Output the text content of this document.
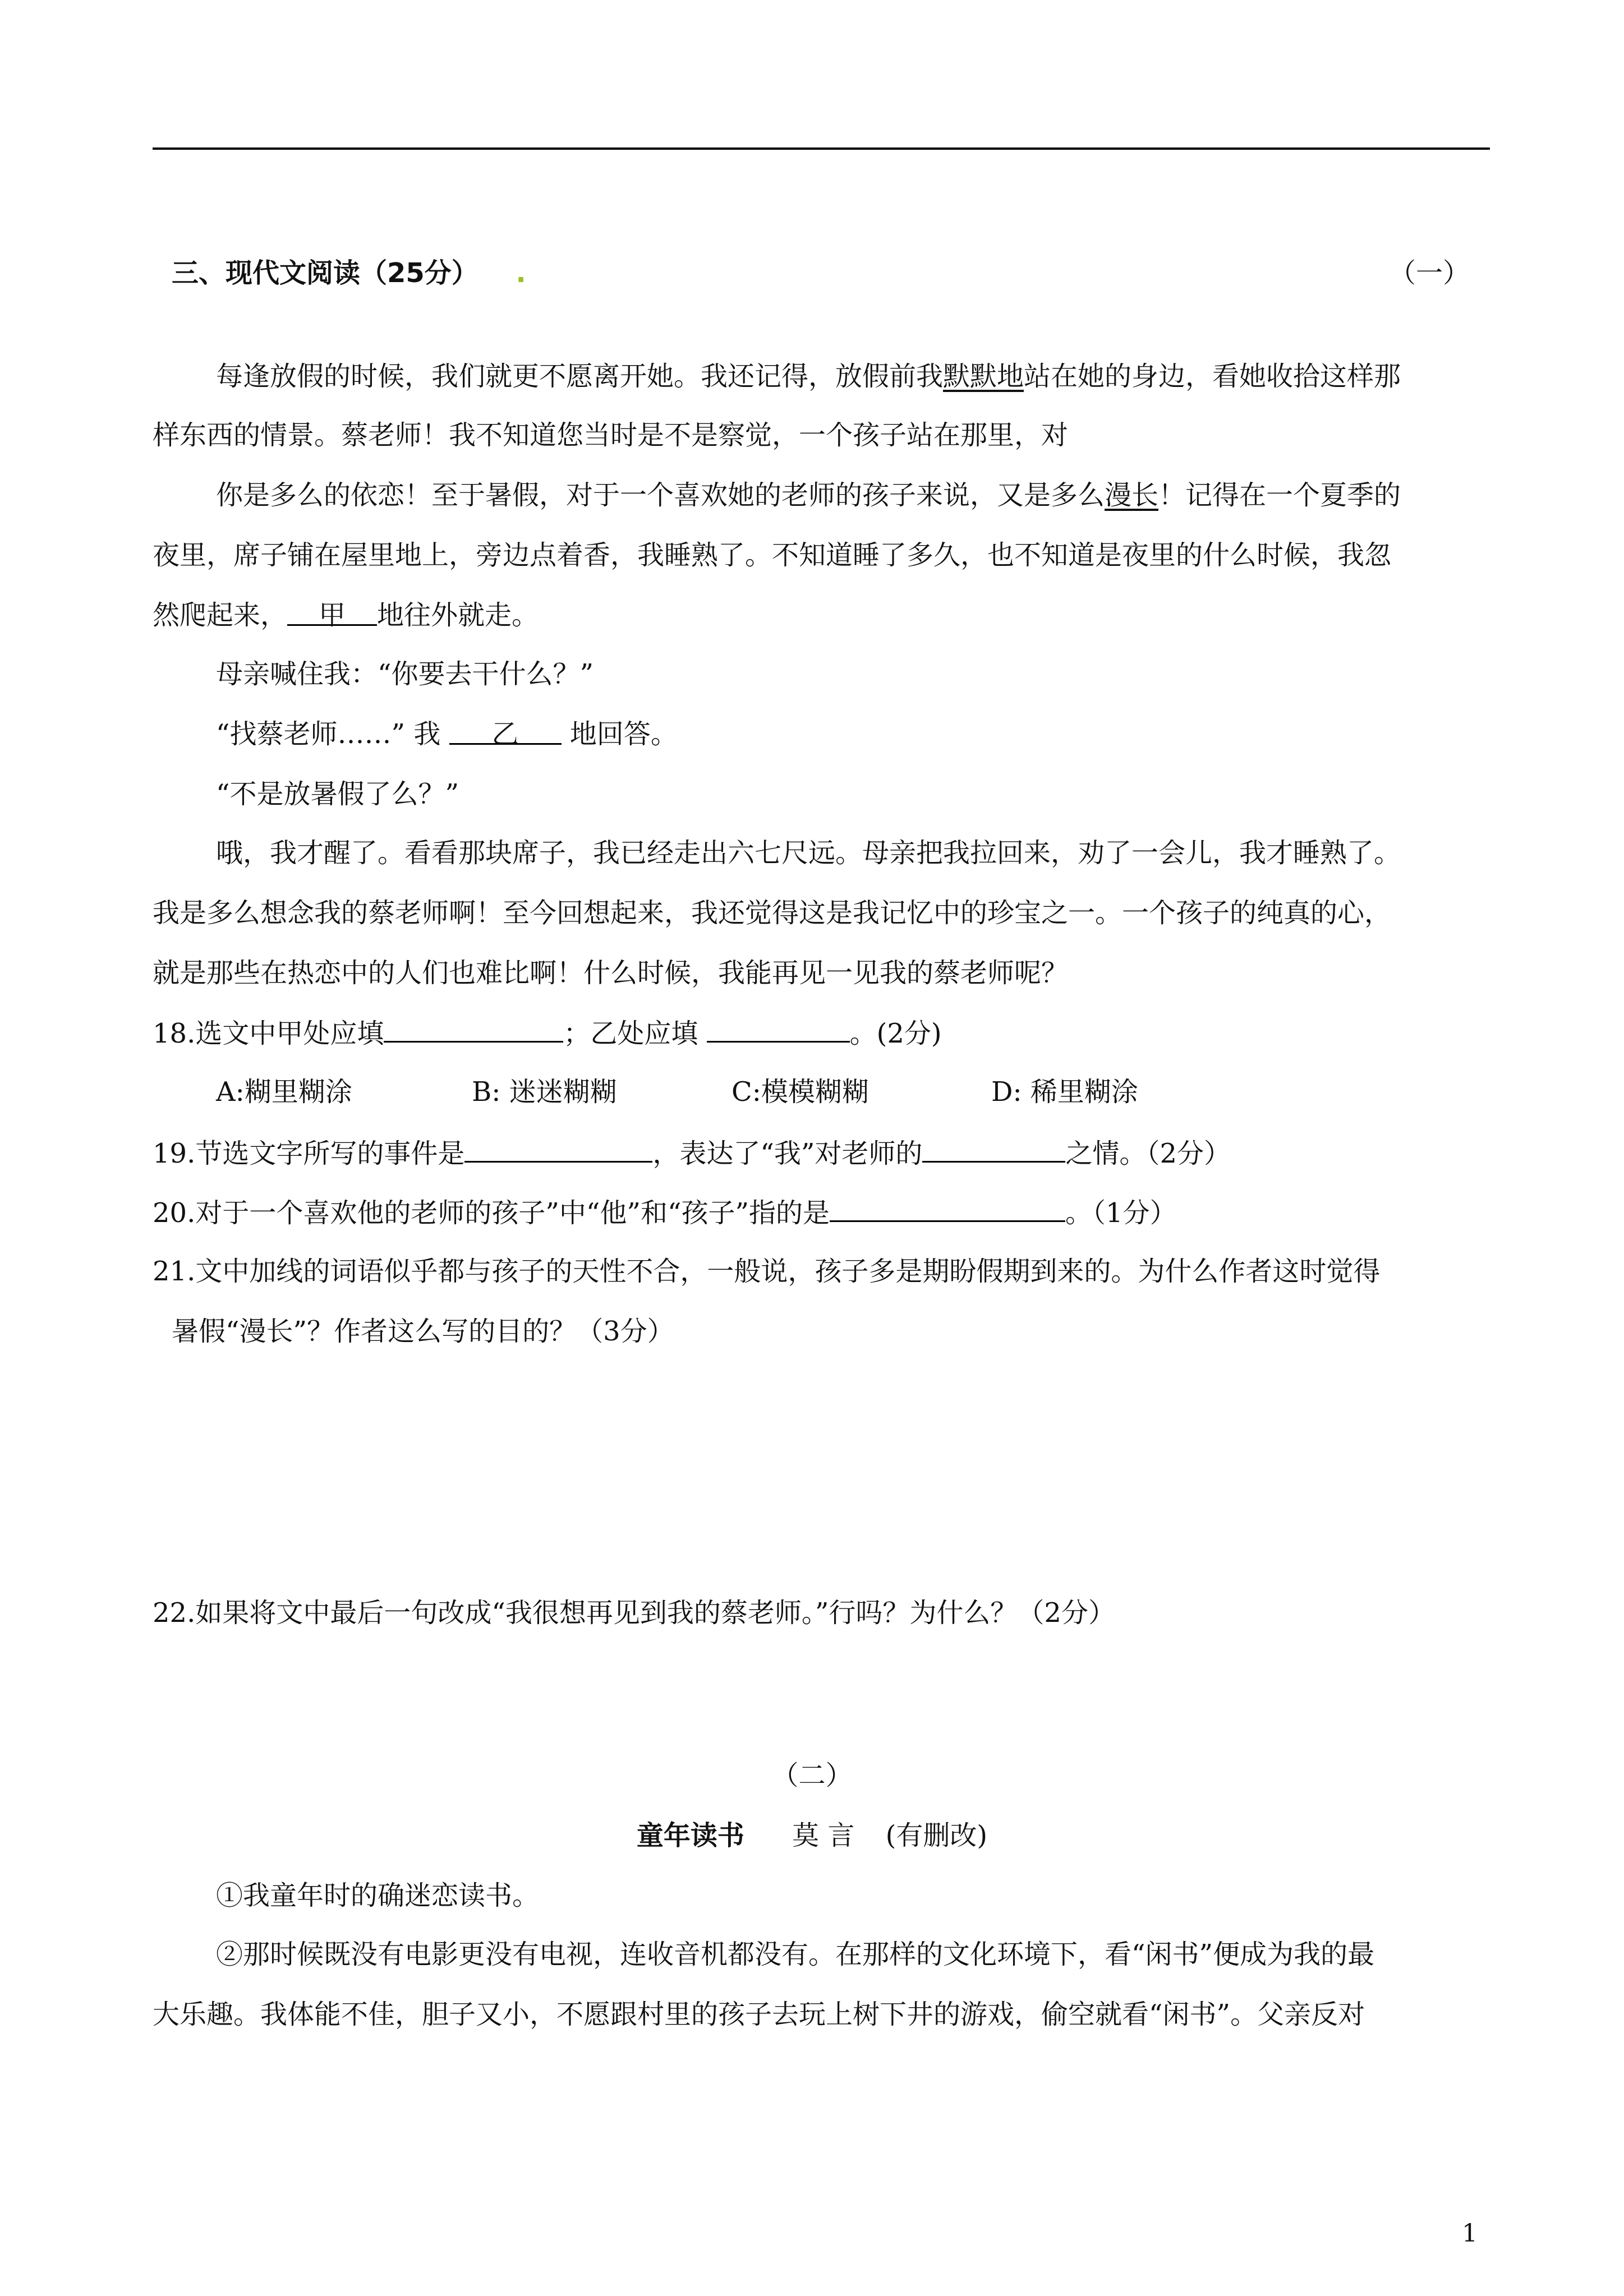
三、现代文阅读（25分） .	（一）
每逢放假的时候，我们就更不愿离开她。我还记得，放假前我默默地站在她的身边，看她收拾这样那
样东西的情景。蔡老师！我不知道您当时是不是察觉，一个孩子站在那里，对
你是多么的依恋！至于暑假，对于一个喜欢她的老师的孩子来说，又是多么漫长！记得在一个夏季的
夜里，席子铺在屋里地上，旁边点着香，我睡熟了。不知道睡了多久，也不知道是夜里的什么时候，我忽
然爬起来， 甲 地往外就走。
母亲喊住我：“你要去干什么？”
“找蔡老师……” 我 乙 地回答。
“不是放暑假了么？”
哦，我才醒了。看看那块席子，我已经走出六七尺远。母亲把我拉回来，劝了一会儿，我才睡熟了。
我是多么想念我的蔡老师啊！至今回想起来，我还觉得这是我记忆中的珍宝之一。一个孩子的纯真的心，
就是那些在热恋中的人们也难比啊！什么时候，我能再见一见我的蔡老师呢？
18.选文中甲处应填	；乙处应填	。(2分)
A:糊里糊涂	B: 迷迷糊糊	C:模模糊糊	D: 稀里糊涂
19.节选文字所写的事件是	，表达了“我”对老师的	之情。（2分）
20.对于一个喜欢他的老师的孩子”中“他”和“孩子”指的是	。（1分）
21.文中加线的词语似乎都与孩子的天性不合，一般说，孩子多是期盼假期到来的。为什么作者这时觉得
暑假“漫长”？作者这么写的目的？（3分）
22.如果将文中最后一句改成“我很想再见到我的蔡老师。”行吗？为什么？（2分）
（二）
童年读书 莫 言 (有删改)
①我童年时的确迷恋读书。
②那时候既没有电影更没有电视，连收音机都没有。在那样的文化环境下，看“闲书”便成为我的最
大乐趣。我体能不佳，胆子又小，不愿跟村里的孩子去玩上树下井的游戏，偷空就看“闲书”。父亲反对
1
